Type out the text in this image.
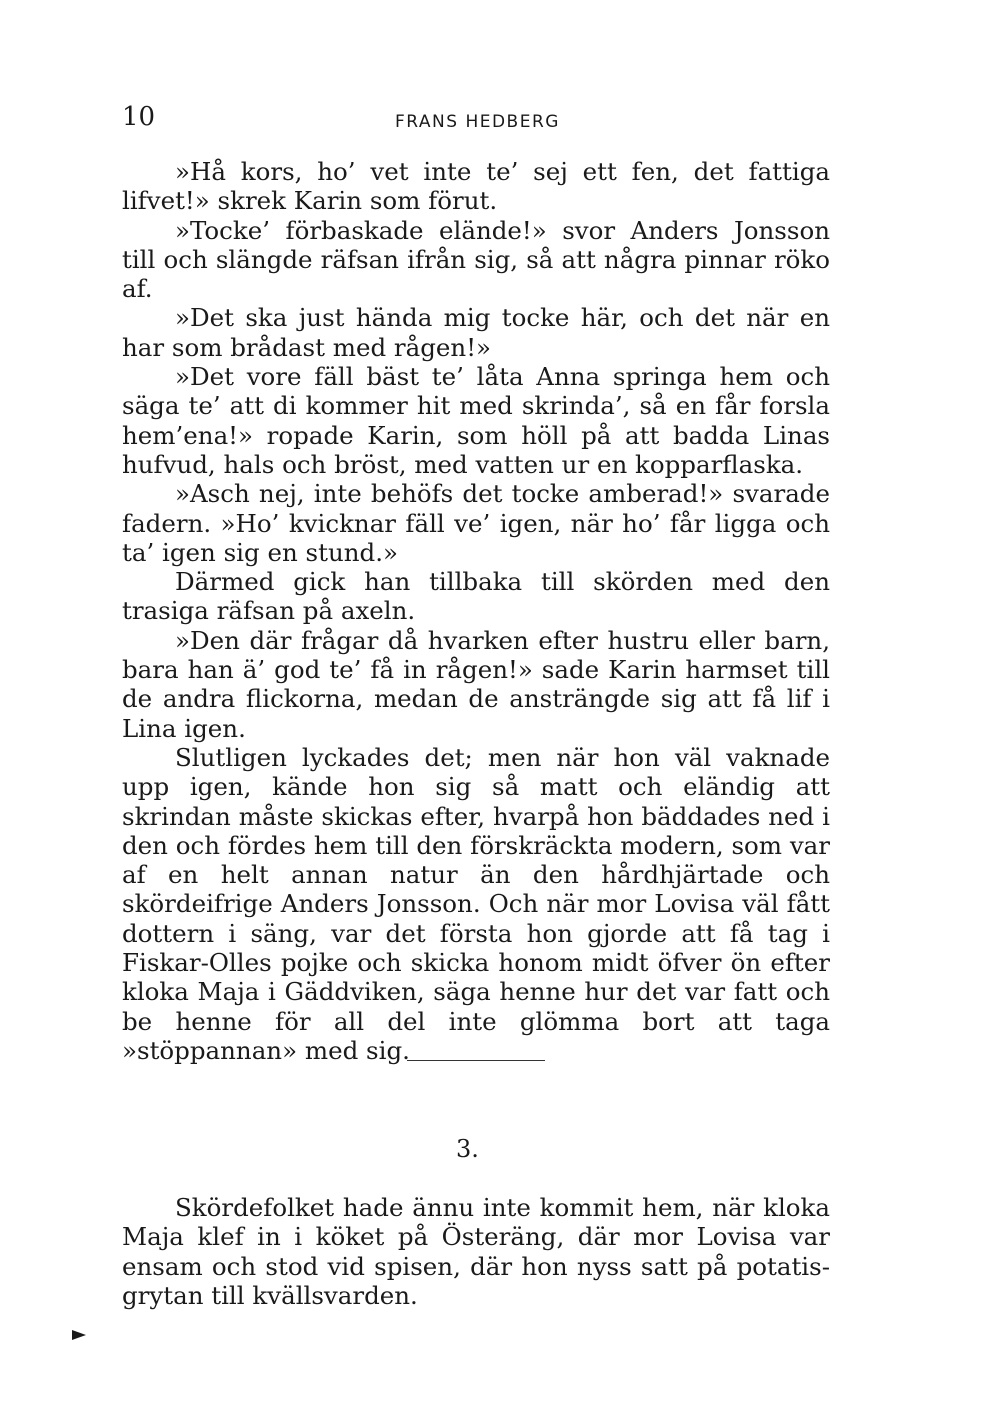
10	FRANS HEDBERG

»Hå kors, ho’ vet inte te’ sej ett fen, det fattiga lifvet!» skrek Karin som förut.

»Tocke’ förbaskade elände!» svor Anders Jonsson till och slängde räfsan ifrån sig, så att några pinnar röko af.

»Det ska just hända mig tocke här, och det när en har som brådast med rågen!»

»Det vore fäll bäst te’ låta Anna springa hem och säga te’ att di kommer hit med skrinda’, så en får forsla hem’ena!» ropade Karin, som höll på att badda Linas hufvud, hals och bröst, med vatten ur en kopparflaska.

»Asch nej, inte behöfs det tocke amberad!» svarade fadern. »Ho’ kvicknar fäll ve’ igen, när ho’ får ligga och ta’ igen sig en stund.»

Därmed gick han tillbaka till skörden med den trasiga räfsan på axeln.

»Den där frågar då hvarken efter hustru eller barn, bara han ä’ god te’ få in rågen!» sade Karin harmset till de andra flickorna, medan de ansträngde sig att få lif i Lina igen.

Slutligen lyckades det; men när hon väl vaknade upp igen, kände hon sig så matt och eländig att skrindan måste skickas efter, hvarpå hon bäddades ned i den och fördes hem till den förskräckta modern, som var af en helt annan natur än den hårdhjärtade och skördeifrige Anders Jonsson. Och när mor Lovisa väl fått dottern i säng, var det första hon gjorde att få tag i Fiskar-Olles pojke och skicka honom midt öfver ön efter kloka Maja i Gäddviken, säga henne hur det var fatt och be henne för all del inte glömma bort att taga »stöppannan» med sig.

3.

Skördefolket hade ännu inte kommit hem, när kloka Maja klef in i köket på Österäng, där mor Lovisa var ensam och stod vid spisen, där hon nyss satt på potatisgrytan till kvällsvarden.
